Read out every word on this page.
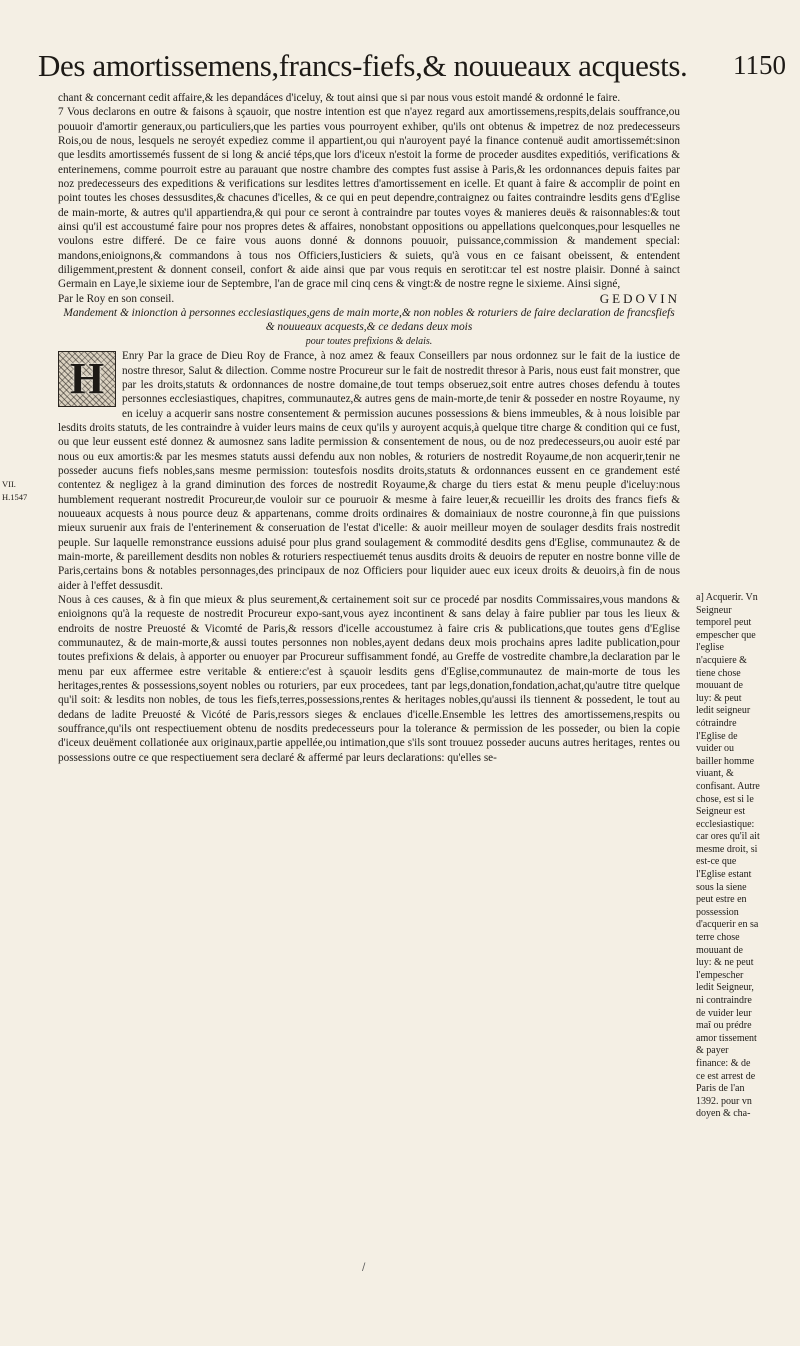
Des amortissemens,francs-fiefs,& nouueaux acquests. 1150
VII.
H.1547

chant & concernant cedit affaire,& les depandáces d'iceluy, & tout ainsi que si par nous vous estoit mandé & ordonné le faire.

7 Vous declarons en outre & faisons à sçauoir, que nostre intention est que n'ayez regard aux amortissemens,respits,delais souffrance,ou pouuoir d'amortir generaux,ou particuliers,que les parties vous pourroyent exhiber, qu'ils ont obtenus & impetrez de noz predecesseurs Rois,ou de nous, lesquels ne seroyét expediez comme il appartient,ou qui n'auroyent payé la finance contenuë audit amortissemét:sinon que lesdits amortissemés fussent de si long & ancié téps,que lors d'iceux n'estoit la forme de proceder ausdites expeditiós, verifications & enterinemens, comme pourroit estre au parauant que nostre chambre des comptes fust assise à Paris,& les ordonnances depuis faites par noz predecesseurs des expeditions & verifications sur lesdites lettres d'amortissement en icelle. Et quant à faire & accomplir de point en point toutes les choses dessusdites,& chacunes d'icelles, & ce qui en peut dependre,contraignez ou faites contraindre lesdits gens d'Eglise de main-morte, & autres qu'il appartiendra,& qui pour ce seront à contraindre par toutes voyes & manieres deuës & raisonnables:& tout ainsi qu'il est accoustumé faire pour nos propres detes & affaires, nonobstant oppositions ou appellations quelconques,pour lesquelles ne voulons estre differé. De ce faire vous auons donné & donnons pouuoir, puissance,commission & mandement special: mandons,enioignons,& commandons à tous nos Officiers,Iusticiers & suiets, qu'à vous en ce faisant obeissent, & entendent diligemment,prestent & donnent conseil, confort & aide ainsi que par vous requis en serotit:car tel est nostre plaisir. Donné à sainct Germain en Laye,le sixieme iour de Septembre, l'an de grace mil cinq cens & vingt:& de nostre regne le sixieme. Ainsi signé,

Par le Roy en son conseil.	GEDOVIN

Mandement & inionction à personnes ecclesiastiques,gens de main morte,& non nobles & roturiers de faire declaration de francsfiefs & nouueaux acquests,& ce dedans deux mois
pour toutes prefixions & delais.

H	Enry Par la grace de Dieu Roy de France, à noz amez & feaux Conseillers par nous ordonnez sur le fait de la iustice de nostre thresor, Salut & dilection. Comme nostre Procureur sur le fait de nostredit thresor à Paris, nous eust fait monstrer, que par les droits,statuts & ordonnances de nostre domaine,de tout temps obseruez,soit entre autres choses defendu à toutes personnes ecclesiastiques, chapitres, communautez,& autres gens de main-morte,de tenir & posseder en nostre Royaume, ny en iceluy a acquerir sans nostre consentement & permission aucunes possessions & biens immeubles, & à nous loisible par lesdits droits statuts, de les contraindre à vuider leurs mains de ceux qu'ils y auroyent acquis,à quelque titre charge & condition qui ce fust, ou que leur eussent esté donnez & aumosnez sans ladite permission & consentement de nous, ou de noz predecesseurs,ou auoir esté par nous ou eux amortis:& par les mesmes statuts aussi defendu aux non nobles, & roturiers de nostredit Royaume,de non acquerir,tenir ne posseder aucuns fiefs nobles,sans mesme permission: toutesfois nosdits droits,statuts & ordonnances eussent en ce grandement esté contentez & negligez à la grand diminution des forces de nostredit Royaume,& charge du tiers estat & menu peuple d'iceluy:nous humblement requerant nostredit Procureur,de vouloir sur ce pouruoir & mesme à faire leuer,& recueillir les droits des francs fiefs & nouueaux acquests à nous pource deuz & appartenans, comme droits ordinaires & domainiaux de nostre couronne,à fin que puissions mieux suruenir aux frais de l'enterinement & conseruation de l'estat d'icelle: & auoir meilleur moyen de soulager desdits frais nostredit peuple. Sur laquelle remonstrance eussions aduisé pour plus grand soulagement & commodité desdits gens d'Eglise, communautez & de main-morte, & pareillement desdits non nobles & roturiers respectiuemét tenus ausdits droits & deuoirs de reputer en nostre bonne ville de Paris,certains bons & notables personnages,des principaux de noz Officiers pour liquider auec eux iceux droits & deuoirs,à fin de nous aider à l'effet dessusdit.

Nous à ces causes, & à fin que mieux & plus seurement,& certainement soit sur ce procedé par nosdits Commissaires,vous mandons & enioignons qu'à la requeste de nostredit Procureur expo-sant,vous ayez incontinent & sans delay à faire publier par tous les lieux & endroits de nostre Preuosté & Vicomté de Paris,& ressors d'icelle accoustumez à faire cris & publications,que toutes gens d'Eglise communautez, & de main-morte,& aussi toutes personnes non nobles,ayent dedans deux mois prochains apres ladite publication,pour toutes prefixions & delais, à apporter ou enuoyer par Procureur suffisamment fondé, au Greffe de vostredite chambre,la declaration par le menu par eux affermee estre veritable & entiere:c'est à sçauoir lesdits gens d'Eglise,communautez de main-morte de tous les heritages,rentes & possessions,soyent nobles ou roturiers, par eux procedees, tant par legs,donation,fondation,achat,qu'autre titre quelque qu'il soit: & lesdits non nobles, de tous les fiefs,terres,possessions,rentes & heritages nobles,qu'aussi ils tiennent & possedent, le tout au dedans de ladite Preuosté & Vicóté de Paris,ressors sieges & enclaues d'icelle.Ensemble les lettres des amortissemens,respits ou souffrance,qu'ils ont respectiuement obtenu de nosdits predecesseurs pour la tolerance & permission de les posseder, ou bien la copie d'iceux deuëment collationée aux originaux,partie appellée,ou intimation,que s'ils sont trouuez posseder aucuns autres heritages, rentes ou possessions outre ce que respectiuement sera declaré & affermé par leurs declarations: qu'elles se-

a] Acquerir. Vn Seigneur temporel peut empescher que l'eglise n'acquiere & tiene chose mouuant de luy: & peut ledit seigneur cótraindre l'Eglise de vuider ou bailler homme viuant, & confisant. Autre chose, est si le Seigneur est ecclesiastique: car ores qu'il ait mesme droit, si est-ce que l'Eglise estant sous la siene peut estre en possession d'acquerir en sa terre chose mouuant de luy: & ne peut l'empescher ledit Seigneur, ni contraindre de vuider leur maî ou prédre amor tissement & payer finance: & de ce est arrest de Paris de l'an 1392. pour vn doyen & cha-
/
